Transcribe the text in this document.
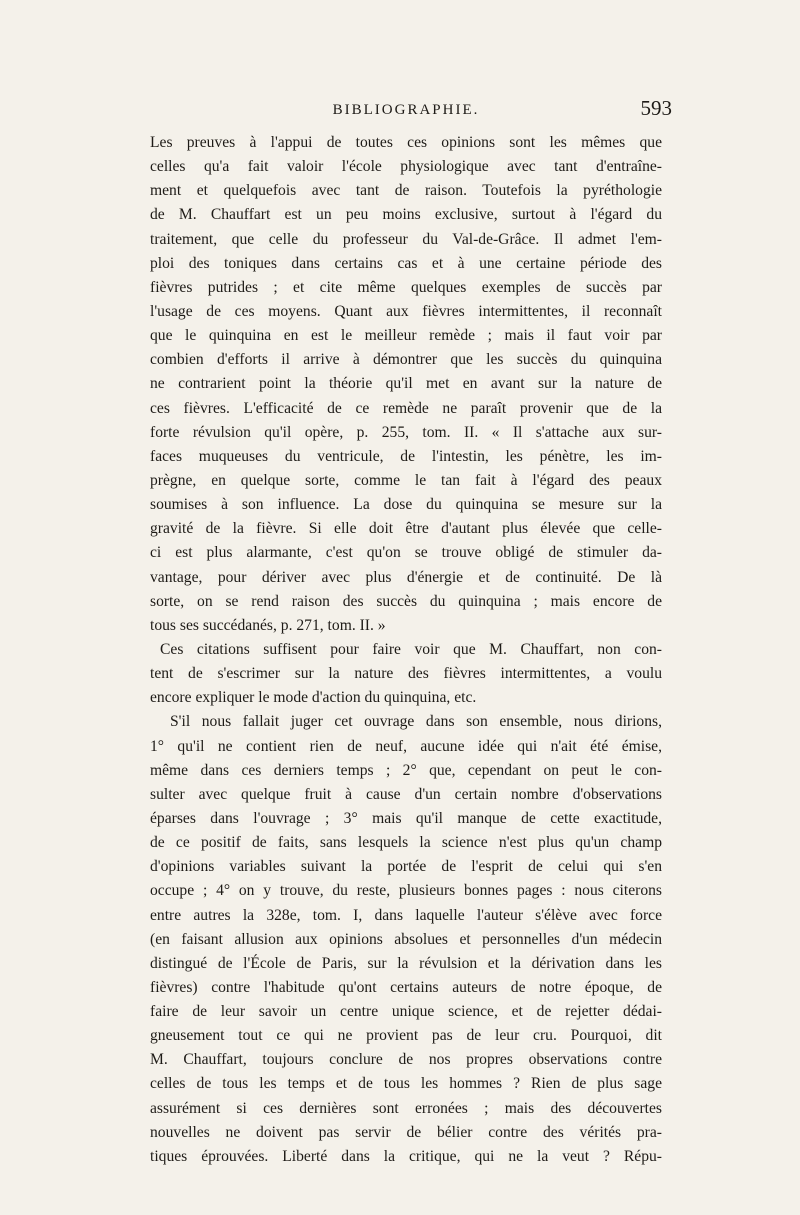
BIBLIOGRAPHIE.	593
Les preuves à l'appui de toutes ces opinions sont les mêmes que
celles qu'a fait valoir l'école physiologique avec tant d'entraîne-
ment et quelquefois avec tant de raison. Toutefois la pyréthologie
de M. Chauffart est un peu moins exclusive, surtout à l'égard du
traitement, que celle du professeur du Val-de-Grâce. Il admet l'em-
ploi des toniques dans certains cas et à une certaine période des
fièvres putrides ; et cite même quelques exemples de succès par
l'usage de ces moyens. Quant aux fièvres intermittentes, il reconnaît
que le quinquina en est le meilleur remède ; mais il faut voir par
combien d'efforts il arrive à démontrer que les succès du quinquina
ne contrarient point la théorie qu'il met en avant sur la nature de
ces fièvres. L'efficacité de ce remède ne paraît provenir que de la
forte révulsion qu'il opère, p. 255, tom. II. « Il s'attache aux sur-
faces muqueuses du ventricule, de l'intestin, les pénètre, les im-
prègne, en quelque sorte, comme le tan fait à l'égard des peaux
soumises à son influence. La dose du quinquina se mesure sur la
gravité de la fièvre. Si elle doit être d'autant plus élevée que celle-
ci est plus alarmante, c'est qu'on se trouve obligé de stimuler da-
vantage, pour dériver avec plus d'énergie et de continuité. De là
sorte, on se rend raison des succès du quinquina ; mais encore de
tous ses succédanés, p. 271, tom. II. »
Ces citations suffisent pour faire voir que M. Chauffart, non con-
tent de s'escrimer sur la nature des fièvres intermittentes, a voulu
encore expliquer le mode d'action du quinquina, etc.
S'il nous fallait juger cet ouvrage dans son ensemble, nous dirions,
1° qu'il ne contient rien de neuf, aucune idée qui n'ait été émise,
même dans ces derniers temps ; 2° que, cependant on peut le con-
sulter avec quelque fruit à cause d'un certain nombre d'observations
éparses dans l'ouvrage ; 3° mais qu'il manque de cette exactitude,
de ce positif de faits, sans lesquels la science n'est plus qu'un champ
d'opinions variables suivant la portée de l'esprit de celui qui s'en
occupe ; 4° on y trouve, du reste, plusieurs bonnes pages : nous citerons
entre autres la 328e, tom. I, dans laquelle l'auteur s'élève avec force
(en faisant allusion aux opinions absolues et personnelles d'un médecin
distingué de l'École de Paris, sur la révulsion et la dérivation dans les
fièvres) contre l'habitude qu'ont certains auteurs de notre époque, de
faire de leur savoir un centre unique science, et de rejetter dédai-
gneusement tout ce qui ne provient pas de leur cru. Pourquoi, dit
M. Chauffart, toujours conclure de nos propres observations contre
celles de tous les temps et de tous les hommes ? Rien de plus sage
assurément si ces dernières sont erronées ; mais des découvertes
nouvelles ne doivent pas servir de bélier contre des vérités pra-
tiques éprouvées. Liberté dans la critique, qui ne la veut ? Répu-
